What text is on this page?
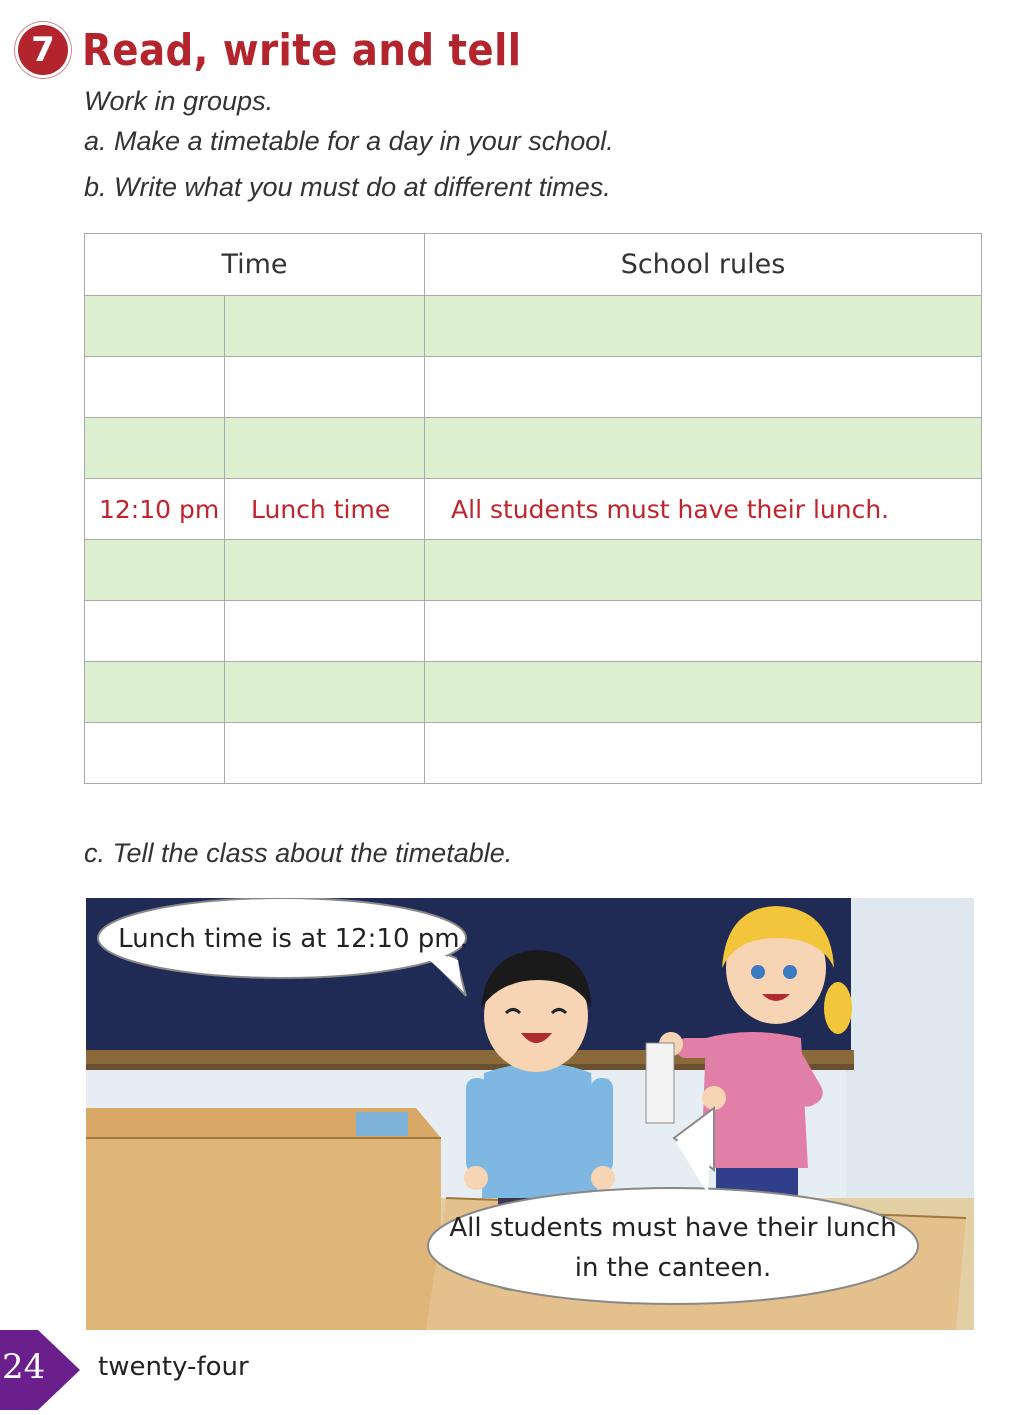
7 Read, write and tell
Work in groups.
a. Make a timetable for a day in your school.
b. Write what you must do at different times.
Time		School rules

12:10 pm	Lunch time	All students must have their lunch.

c. Tell the class about the timetable.
Lunch time is at 12:10 pm.
All students must have their lunch
in the canteen.
24 twenty-four
